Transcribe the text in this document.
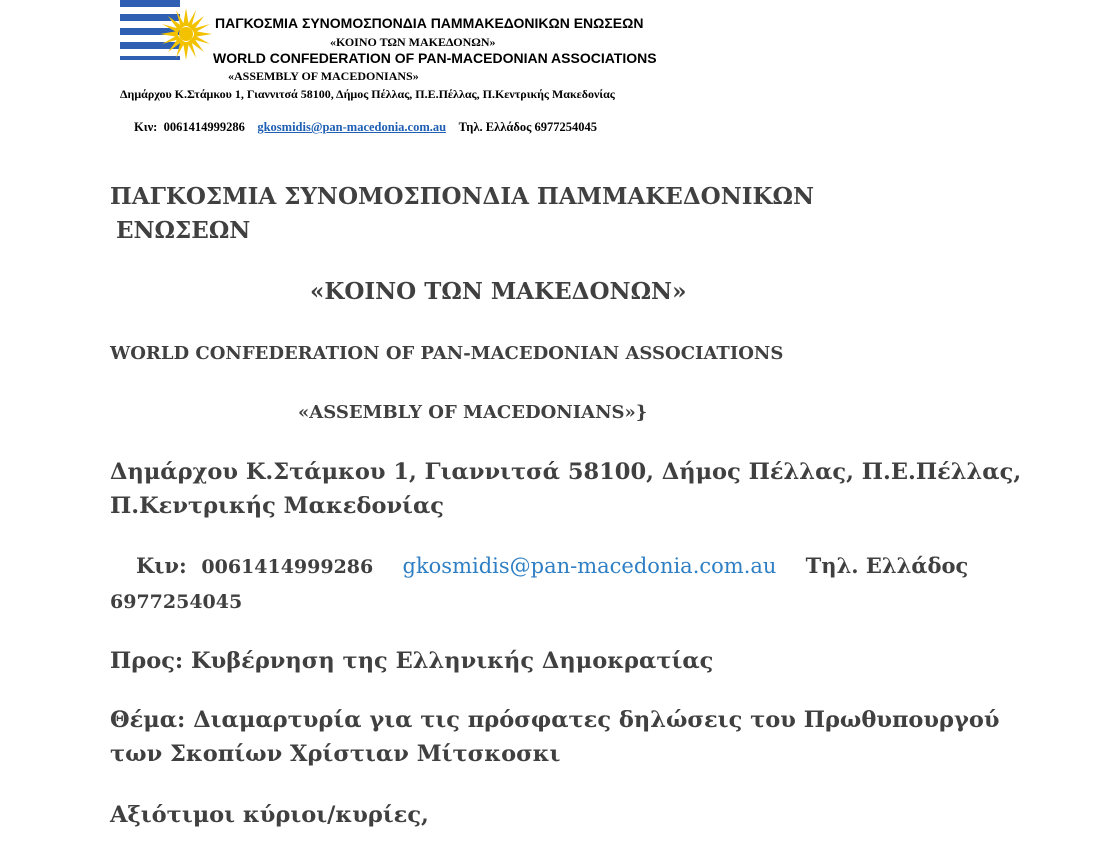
ΠΑΓΚΟΣΜΙΑ ΣΥΝΟΜΟΣΠΟΝΔΙΑ ΠΑΜΜΑΚΕΔΟΝΙΚΩΝ ΕΝΩΣΕΩΝ
«ΚΟΙΝΟ ΤΩΝ ΜΑΚΕΔΟΝΩΝ»
WORLD CONFEDERATION OF PAN-MACEDONIAN ASSOCIATIONS
«ASSEMBLY OF MACEDONIANS»
Δημάρχου Κ.Στάμκου 1, Γιαννιτσά 58100, Δήμος Πέλλας, Π.Ε.Πέλλας, Π.Κεντρικής Μακεδονίας
Κιν: 0061414999286 gkosmidis@pan-macedonia.com.au Τηλ. Ελλάδος 6977254045
ΠΑΓΚΟΣΜΙΑ ΣΥΝΟΜΟΣΠΟΝΔΙΑ ΠΑΜΜΑΚΕΔΟΝΙΚΩΝ
ΕΝΩΣΕΩΝ
«ΚΟΙΝΟ ΤΩΝ ΜΑΚΕΔΟΝΩΝ»
WORLD CONFEDERATION OF PAN-MACEDONIAN ASSOCIATIONS
«ASSEMBLY OF MACEDONIANS»}
Δημάρχου Κ.Στάμκου 1, Γιαννιτσά 58100, Δήμος Πέλλας, Π.Ε.Πέλλας,
Π.Κεντρικής Μακεδονίας
Κιν: 0061414999286 gkosmidis@pan-macedonia.com.au Τηλ. Ελλάδος
6977254045
Προς: Κυβέρνηση της Ελληνικής Δημοκρατίας
Θέμα: Διαμαρτυρία για τις πρόσφατες δηλώσεις του Πρωθυπουργού
των Σκοπίων Χρίστιαν Μίτσκοσκι
Αξιότιμοι κύριοι/κυρίες,
